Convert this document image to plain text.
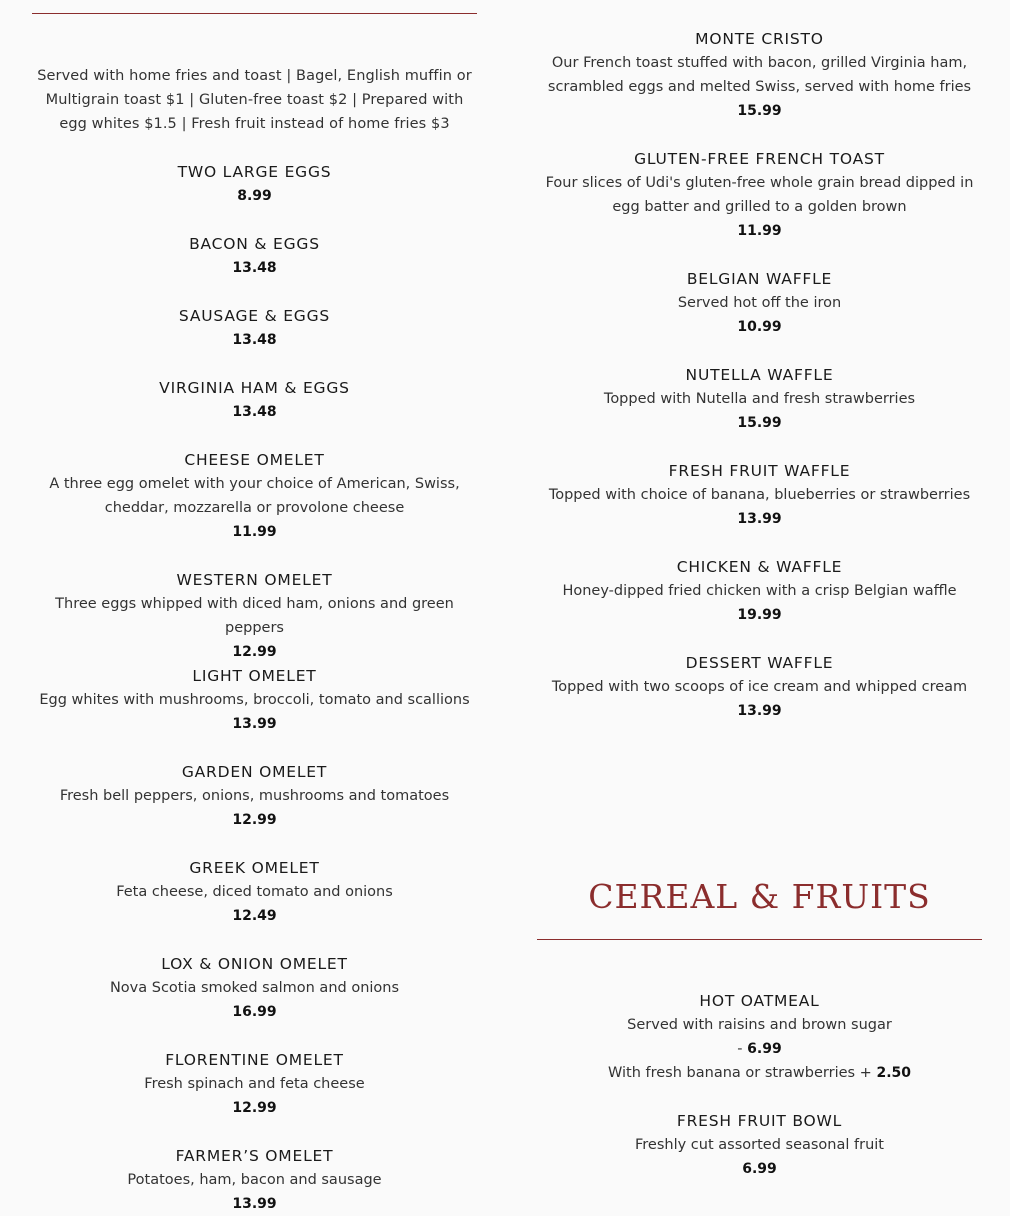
Served with home fries and toast | Bagel, English muffin or Multigrain toast $1 | Gluten-free toast $2 | Prepared with egg whites $1.5 | Fresh fruit instead of home fries $3
TWO LARGE EGGS
8.99
BACON & EGGS
13.48
SAUSAGE & EGGS
13.48
VIRGINIA HAM & EGGS
13.48
CHEESE OMELET
A three egg omelet with your choice of American, Swiss, cheddar, mozzarella or provolone cheese
11.99
WESTERN OMELET
Three eggs whipped with diced ham, onions and green peppers
12.99
LIGHT OMELET
Egg whites with mushrooms, broccoli, tomato and scallions
13.99
GARDEN OMELET
Fresh bell peppers, onions, mushrooms and tomatoes
12.99
GREEK OMELET
Feta cheese, diced tomato and onions
12.49
LOX & ONION OMELET
Nova Scotia smoked salmon and onions
16.99
FLORENTINE OMELET
Fresh spinach and feta cheese
12.99
FARMER’S OMELET
Potatoes, ham, bacon and sausage
13.99
MONTE CRISTO
Our French toast stuffed with bacon, grilled Virginia ham, scrambled eggs and melted Swiss, served with home fries
15.99
GLUTEN-FREE FRENCH TOAST
Four slices of Udi's gluten-free whole grain bread dipped in egg batter and grilled to a golden brown
11.99
BELGIAN WAFFLE
Served hot off the iron
10.99
NUTELLA WAFFLE
Topped with Nutella and fresh strawberries
15.99
FRESH FRUIT WAFFLE
Topped with choice of banana, blueberries or strawberries
13.99
CHICKEN & WAFFLE
Honey-dipped fried chicken with a crisp Belgian waffle
19.99
DESSERT WAFFLE
Topped with two scoops of ice cream and whipped cream
13.99
CEREAL & FRUITS
HOT OATMEAL
Served with raisins and brown sugar
- 6.99
With fresh banana or strawberries + 2.50
FRESH FRUIT BOWL
Freshly cut assorted seasonal fruit
6.99
